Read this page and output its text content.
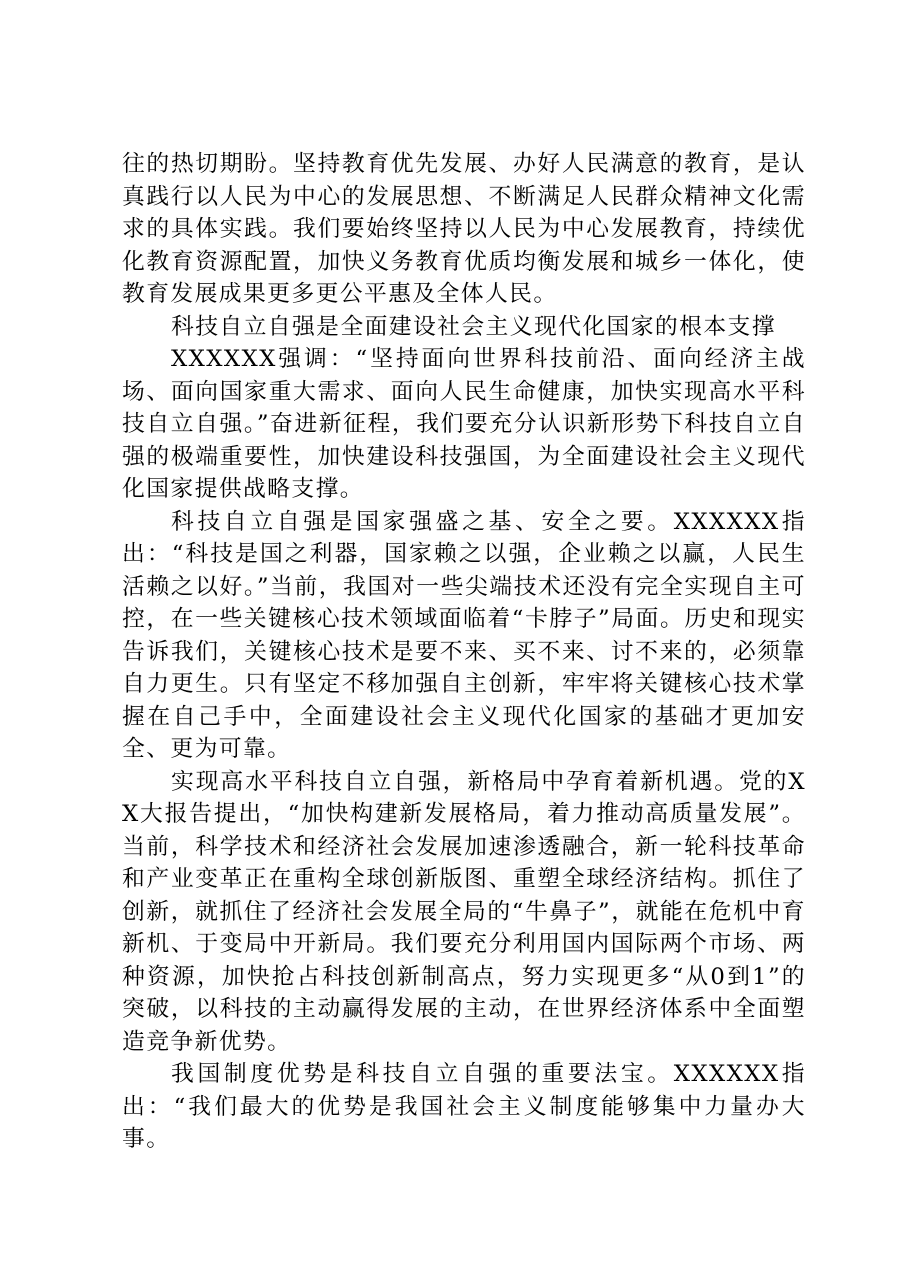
往的热切期盼。坚持教育优先发展、办好人民满意的教育，是认真践行以人民为中心的发展思想、不断满足人民群众精神文化需求的具体实践。我们要始终坚持以人民为中心发展教育，持续优化教育资源配置，加快义务教育优质均衡发展和城乡一体化，使教育发展成果更多更公平惠及全体人民。

科技自立自强是全面建设社会主义现代化国家的根本支撑

XXXXXX强调：“坚持面向世界科技前沿、面向经济主战场、面向国家重大需求、面向人民生命健康，加快实现高水平科技自立自强。”奋进新征程，我们要充分认识新形势下科技自立自强的极端重要性，加快建设科技强国，为全面建设社会主义现代化国家提供战略支撑。

科技自立自强是国家强盛之基、安全之要。XXXXXX指出：“科技是国之利器，国家赖之以强，企业赖之以赢，人民生活赖之以好。”当前，我国对一些尖端技术还没有完全实现自主可控，在一些关键核心技术领域面临着“卡脖子”局面。历史和现实告诉我们，关键核心技术是要不来、买不来、讨不来的，必须靠自力更生。只有坚定不移加强自主创新，牢牢将关键核心技术掌握在自己手中，全面建设社会主义现代化国家的基础才更加安全、更为可靠。

实现高水平科技自立自强，新格局中孕育着新机遇。党的XX大报告提出，“加快构建新发展格局，着力推动高质量发展”。当前，科学技术和经济社会发展加速渗透融合，新一轮科技革命和产业变革正在重构全球创新版图、重塑全球经济结构。抓住了创新，就抓住了经济社会发展全局的“牛鼻子”，就能在危机中育新机、于变局中开新局。我们要充分利用国内国际两个市场、两种资源，加快抢占科技创新制高点，努力实现更多“从0到1”的突破，以科技的主动赢得发展的主动，在世界经济体系中全面塑造竞争新优势。

我国制度优势是科技自立自强的重要法宝。XXXXXX指出：“我们最大的优势是我国社会主义制度能够集中力量办大事。
